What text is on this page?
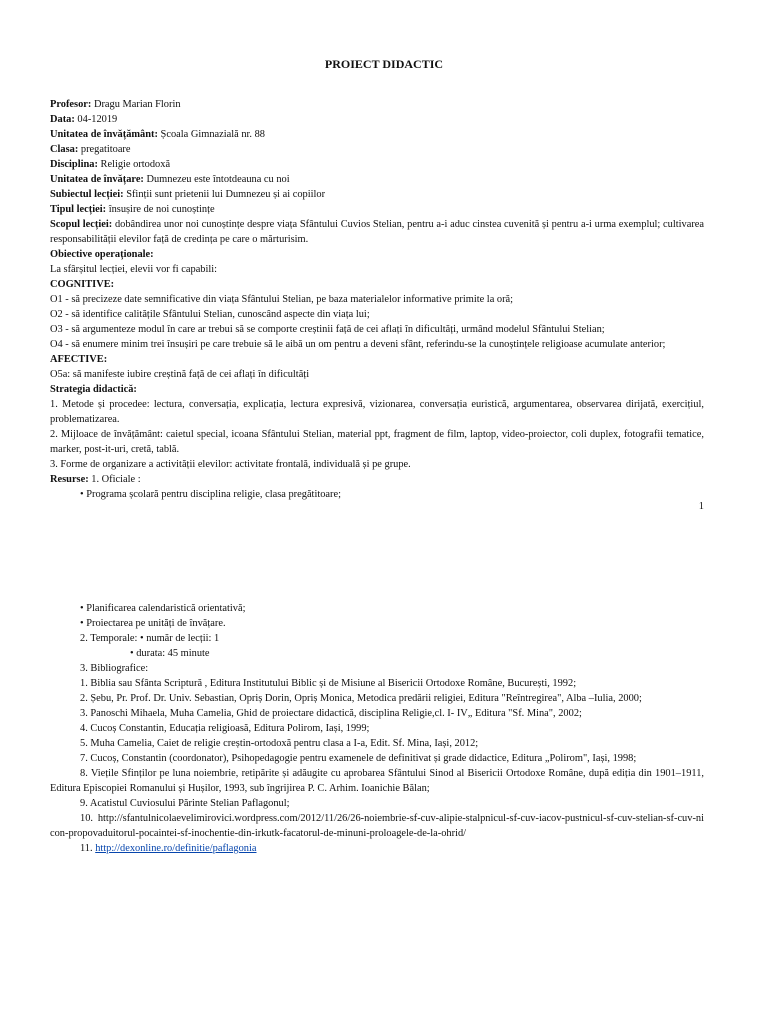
PROIECT DIDACTIC
Profesor: Dragu Marian Florin
Data: 04-12019
Unitatea de învățământ: Școala Gimnazială nr. 88
Clasa: pregatitoare
Disciplina: Religie ortodoxă
Unitatea de învățare: Dumnezeu este întotdeauna cu noi
Subiectul lecției: Sfinții sunt prietenii lui Dumnezeu și ai copiilor
Tipul lecției: însușire de noi cunoștințe
Scopul lecției: dobândirea unor noi cunoștințe despre viața Sfântului Cuvios Stelian, pentru a-i aduc cinstea cuvenită și pentru a-i urma exemplul; cultivarea responsabilității elevilor față de credința pe care o mărturisim.
Obiective operaționale:
La sfârșitul lecției, elevii vor fi capabili:
COGNITIVE:
O1 - să precizeze date semnificative din viața Sfântului Stelian, pe baza materialelor informative primite la oră;
O2 - să identifice calitățile Sfântului Stelian, cunoscând aspecte din viața lui;
O3 - să argumenteze modul în care ar trebui să se comporte creștinii față de cei aflați în dificultăți, urmând modelul Sfântului Stelian;
O4 - să enumere minim trei însușiri pe care trebuie să le aibă un om pentru a deveni sfânt, referindu-se la cunoștințele religioase acumulate anterior;
AFECTIVE:
O5a: să manifeste iubire creștină față de cei aflați în dificultăți
Strategia didactică:
1. Metode și procedee: lectura, conversația, explicația, lectura expresivă, vizionarea, conversația euristică, argumentarea, observarea dirijată, exercițiul, problematizarea.
2. Mijloace de învățământ: caietul special, icoana Sfântului Stelian, material ppt, fragment de film, laptop, video-proiector, coli duplex, fotografii tematice, marker, post-it-uri, cretă, tablă.
3. Forme de organizare a activității elevilor: activitate frontală, individuală și pe grupe.
Resurse: 1. Oficiale :
• Programa școlară pentru disciplina religie, clasa pregătitoare;
1
• Planificarea calendaristică orientativă;
• Proiectarea pe unități de învățare.
2. Temporale: • număr de lecții: 1
• durata: 45 minute
3. Bibliografice:
1. Biblia sau Sfânta Scriptură , Editura Institutului Biblic și de Misiune al Bisericii Ortodoxe Române, București, 1992;
2. Șebu, Pr. Prof. Dr. Univ. Sebastian, Opriș Dorin, Opriș Monica, Metodica predării religiei, Editura "Reîntregirea", Alba –Iulia, 2000;
3. Panoschi Mihaela, Muha Camelia, Ghid de proiectare didactică, disciplina Religie,cl. I- IV„ Editura "Sf. Mina", 2002;
4. Cucoș Constantin, Educația religioasă, Editura Polirom, Iași, 1999;
5. Muha Camelia, Caiet de religie creștin-ortodoxă pentru clasa a I-a, Edit. Sf. Mina, Iași, 2012;
7. Cucoș, Constantin (coordonator), Psihopedagogie pentru examenele de definitivat și grade didactice, Editura „Polirom", Iași, 1998;
8. Viețile Sfinților pe luna noiembrie, retipărite și adăugite cu aprobarea Sfântului Sinod al Bisericii Ortodoxe Române, după ediția din 1901–1911, Editura Episcopiei Romanului și Hușilor, 1993, sub îngrijirea P. C. Arhim. Ioanichie Bălan;
9. Acatistul Cuviosului Părinte Stelian Paflagonul;
10. http://sfantulnicolaevelimirovici.wordpress.com/2012/11/26/26-noiembrie-sf-cuv-alipie-stalpnicul-sf-cuv-iacov-pustnicul-sf-cuv-stelian-sf-cuv-nicon-propovaduitorul-pocaintei-sf-inochentie-din-irkutk-facatorul-de-minuni-proloagele-de-la-ohrid/
11. http://dexonline.ro/definitie/paflagonia
